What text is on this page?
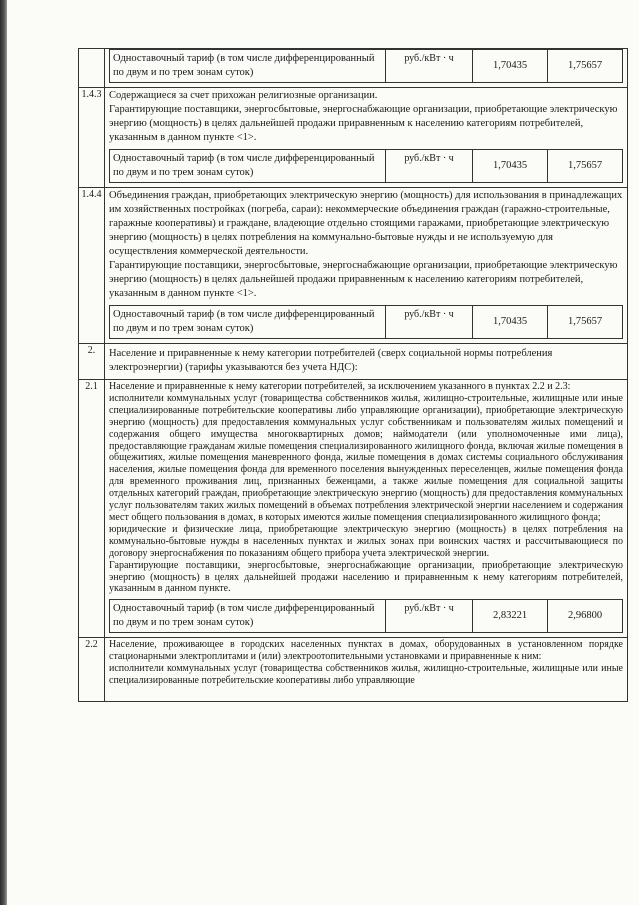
Одноставочный тариф (в том числе дифференцированный по двум и по трем зонам суток)	руб./кВт · ч	1,70435	1,75657

1.4.3	Содержащиеся за счет прихожан религиозные организации.

Гарантирующие поставщики, энергосбытовые, энергоснабжающие организации, приобретающие электрическую энергию (мощность) в целях дальнейшей продажи приравненным к населению категориям потребителей, указанным в данном пункте <1>.

Одноставочный тариф (в том числе дифференцированный по двум и по трем зонам суток)	руб./кВт · ч	1,70435	1,75657

1.4.4	Объединения граждан, приобретающих электрическую энергию (мощность) для использования в принадлежащих им хозяйственных постройках (погреба, сараи): некоммерческие объединения граждан (гаражно-строительные, гаражные кооперативы) и граждане, владеющие отдельно стоящими гаражами, приобретающие электрическую энергию (мощность) в целях потребления на коммунально-бытовые нужды и не используемую для осуществления коммерческой деятельности.

Гарантирующие поставщики, энергосбытовые, энергоснабжающие организации, приобретающие электрическую энергию (мощность) в целях дальнейшей продажи приравненным к населению категориям потребителей, указанным в данном пункте <1>.

Одноставочный тариф (в том числе дифференцированный по двум и по трем зонам суток)	руб./кВт · ч	1,70435	1,75657

2.	Население и приравненные к нему категории потребителей (сверх социальной нормы потребления электроэнергии) (тарифы указываются без учета НДС):

2.1	Население и приравненные к нему категории потребителей, за исключением указанного в пунктах 2.2 и 2.3:

исполнители коммунальных услуг (товарищества собственников жилья, жилищно-строительные, жилищные или иные специализированные потребительские кооперативы либо управляющие организации), приобретающие электрическую энергию (мощность) для предоставления коммунальных услуг собственникам и пользователям жилых помещений и содержания общего имущества многоквартирных домов; наймодатели (или уполномоченные ими лица), предоставляющие гражданам жилые помещения специализированного жилищного фонда, включая жилые помещения в общежитиях, жилые помещения маневренного фонда, жилые помещения в домах системы социального обслуживания населения, жилые помещения фонда для временного поселения вынужденных переселенцев, жилые помещения фонда для временного проживания лиц, признанных беженцами, а также жилые помещения для социальной защиты отдельных категорий граждан, приобретающие электрическую энергию (мощность) для предоставления коммунальных услуг пользователям таких жилых помещений в объемах потребления электрической энергии населением и содержания мест общего пользования в домах, в которых имеются жилые помещения специализированного жилищного фонда;

юридические и физические лица, приобретающие электрическую энергию (мощность) в целях потребления на коммунально-бытовые нужды в населенных пунктах и жилых зонах при воинских частях и рассчитывающиеся по договору энергоснабжения по показаниям общего прибора учета электрической энергии.

Гарантирующие поставщики, энергосбытовые, энергоснабжающие организации, приобретающие электрическую энергию (мощность) в целях дальнейшей продажи населению и приравненным к нему категориям потребителей, указанным в данном пункте.

Одноставочный тариф (в том числе дифференцированный по двум и по трем зонам суток)	руб./кВт · ч	2,83221	2,96800

2.2	Население, проживающее в городских населенных пунктах в домах, оборудованных в установленном порядке стационарными электроплитами и (или) электроотопительными установками и приравненные к ним:

исполнители коммунальных услуг (товарищества собственников жилья, жилищно-строительные, жилищные или иные специализированные потребительские кооперативы либо управляющие
